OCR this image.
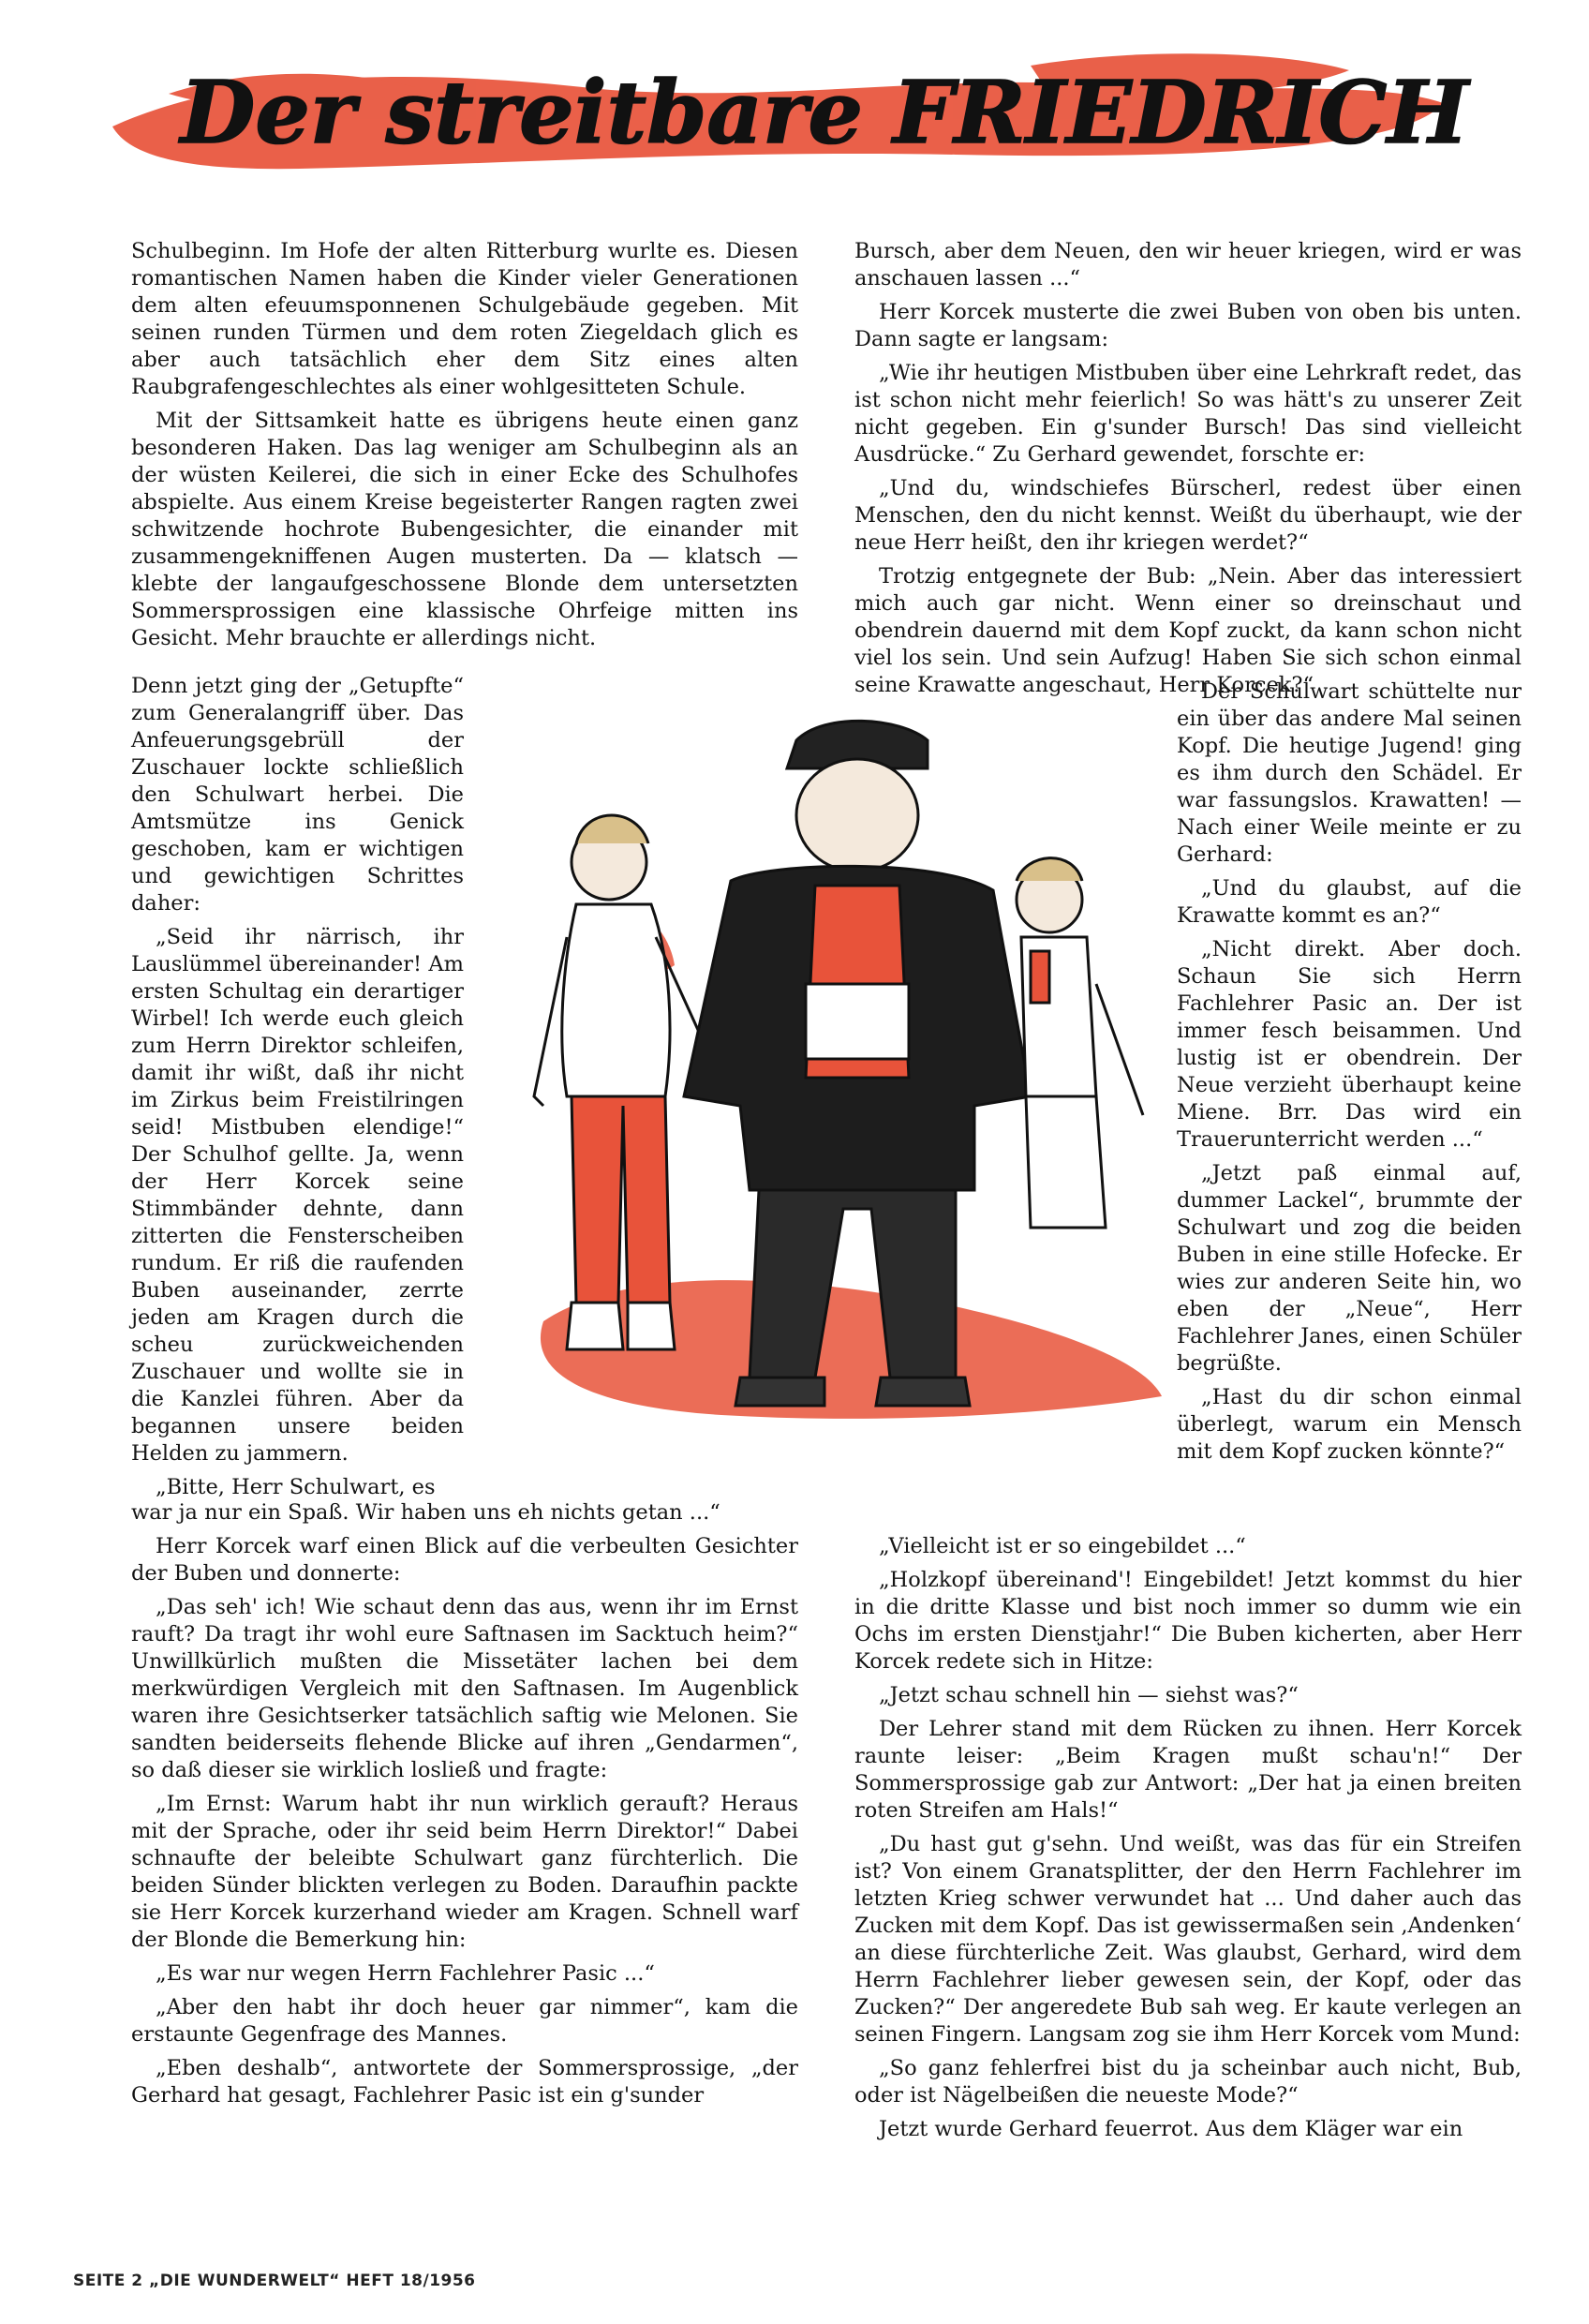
Der streitbare FRIEDRICH

Schulbeginn. Im Hofe der alten Ritterburg wurlte es. Diesen romantischen Namen haben die Kinder vieler Generationen dem alten efeuumsponnenen Schulgebäude gegeben. Mit seinen runden Türmen und dem roten Ziegeldach glich es aber auch tatsächlich eher dem Sitz eines alten Raubgrafengeschlechtes als einer wohlgesitteten Schule.

Mit der Sittsamkeit hatte es übrigens heute einen ganz besonderen Haken. Das lag weniger am Schulbeginn als an der wüsten Keilerei, die sich in einer Ecke des Schulhofes abspielte. Aus einem Kreise begeisterter Rangen ragten zwei schwitzende hochrote Bubengesichter, die einander mit zusammengekniffenen Augen musterten. Da — klatsch — klebte der langaufgeschossene Blonde dem untersetzten Sommersprossigen eine klassische Ohrfeige mitten ins Gesicht. Mehr brauchte er allerdings nicht.

Denn jetzt ging der „Getupfte“ zum Generalangriff über. Das Anfeuerungsgebrüll der Zuschauer lockte schließlich den Schulwart herbei. Die Amtsmütze ins Genick geschoben, kam er wichtigen und gewichtigen Schrittes daher:

„Seid ihr närrisch, ihr Lauslümmel übereinander! Am ersten Schultag ein derartiger Wirbel! Ich werde euch gleich zum Herrn Direktor schleifen, damit ihr wißt, daß ihr nicht im Zirkus beim Freistilringen seid! Mistbuben elendige!“ Der Schulhof gellte. Ja, wenn der Herr Korcek seine Stimmbänder dehnte, dann zitterten die Fensterscheiben rundum. Er riß die raufenden Buben auseinander, zerrte jeden am Kragen durch die scheu zurückweichenden Zuschauer und wollte sie in die Kanzlei führen. Aber da begannen unsere beiden Helden zu jammern.

„Bitte, Herr Schulwart, es

war ja nur ein Spaß. Wir haben uns eh nichts getan ...“

Herr Korcek warf einen Blick auf die verbeulten Gesichter der Buben und donnerte:

„Das seh' ich! Wie schaut denn das aus, wenn ihr im Ernst rauft? Da tragt ihr wohl eure Saftnasen im Sacktuch heim?“ Unwillkürlich mußten die Missetäter lachen bei dem merkwürdigen Vergleich mit den Saftnasen. Im Augenblick waren ihre Gesichtserker tatsächlich saftig wie Melonen. Sie sandten beiderseits flehende Blicke auf ihren „Gendarmen“, so daß dieser sie wirklich losließ und fragte:

„Im Ernst: Warum habt ihr nun wirklich gerauft? Heraus mit der Sprache, oder ihr seid beim Herrn Direktor!“ Dabei schnaufte der beleibte Schulwart ganz fürchterlich. Die beiden Sünder blickten verlegen zu Boden. Daraufhin packte sie Herr Korcek kurzerhand wieder am Kragen. Schnell warf der Blonde die Bemerkung hin:

„Es war nur wegen Herrn Fachlehrer Pasic ...“

„Aber den habt ihr doch heuer gar nimmer“, kam die erstaunte Gegenfrage des Mannes.

„Eben deshalb“, antwortete der Sommersprossige, „der Gerhard hat gesagt, Fachlehrer Pasic ist ein g'sunder

Bursch, aber dem Neuen, den wir heuer kriegen, wird er was anschauen lassen ...“

Herr Korcek musterte die zwei Buben von oben bis unten. Dann sagte er langsam:

„Wie ihr heutigen Mistbuben über eine Lehrkraft redet, das ist schon nicht mehr feierlich! So was hätt's zu unserer Zeit nicht gegeben. Ein g'sunder Bursch! Das sind vielleicht Ausdrücke.“ Zu Gerhard gewendet, forschte er:

„Und du, windschiefes Bürscherl, redest über einen Menschen, den du nicht kennst. Weißt du überhaupt, wie der neue Herr heißt, den ihr kriegen werdet?“

Trotzig entgegnete der Bub: „Nein. Aber das interessiert mich auch gar nicht. Wenn einer so dreinschaut und obendrein dauernd mit dem Kopf zuckt, da kann schon nicht viel los sein. Und sein Aufzug! Haben Sie sich schon einmal seine Krawatte angeschaut, Herr Korcek?“

Der Schulwart schüttelte nur ein über das andere Mal seinen Kopf. Die heutige Jugend! ging es ihm durch den Schädel. Er war fassungslos. Krawatten! — Nach einer Weile meinte er zu Gerhard:

„Und du glaubst, auf die Krawatte kommt es an?“

„Nicht direkt. Aber doch. Schaun Sie sich Herrn Fachlehrer Pasic an. Der ist immer fesch beisammen. Und lustig ist er obendrein. Der Neue verzieht überhaupt keine Miene. Brr. Das wird ein Trauerunterricht werden ...“

„Jetzt paß einmal auf, dummer Lackel“, brummte der Schulwart und zog die beiden Buben in eine stille Hofecke. Er wies zur anderen Seite hin, wo eben der „Neue“, Herr Fachlehrer Janes, einen Schüler begrüßte.

„Hast du dir schon einmal überlegt, warum ein Mensch mit dem Kopf zucken könnte?“

„Vielleicht ist er so eingebildet ...“

„Holzkopf übereinand'! Eingebildet! Jetzt kommst du hier in die dritte Klasse und bist noch immer so dumm wie ein Ochs im ersten Dienstjahr!“ Die Buben kicherten, aber Herr Korcek redete sich in Hitze:

„Jetzt schau schnell hin — siehst was?“

Der Lehrer stand mit dem Rücken zu ihnen. Herr Korcek raunte leiser: „Beim Kragen mußt schau'n!“ Der Sommersprossige gab zur Antwort: „Der hat ja einen breiten roten Streifen am Hals!“

„Du hast gut g'sehn. Und weißt, was das für ein Streifen ist? Von einem Granatsplitter, der den Herrn Fachlehrer im letzten Krieg schwer verwundet hat ... Und daher auch das Zucken mit dem Kopf. Das ist gewissermaßen sein ‚Andenken‘ an diese fürchterliche Zeit. Was glaubst, Gerhard, wird dem Herrn Fachlehrer lieber gewesen sein, der Kopf, oder das Zucken?“ Der angeredete Bub sah weg. Er kaute verlegen an seinen Fingern. Langsam zog sie ihm Herr Korcek vom Mund:

„So ganz fehlerfrei bist du ja scheinbar auch nicht, Bub, oder ist Nägelbeißen die neueste Mode?“

Jetzt wurde Gerhard feuerrot. Aus dem Kläger war ein

SEITE 2 „DIE WUNDERWELT“ HEFT 18/1956
